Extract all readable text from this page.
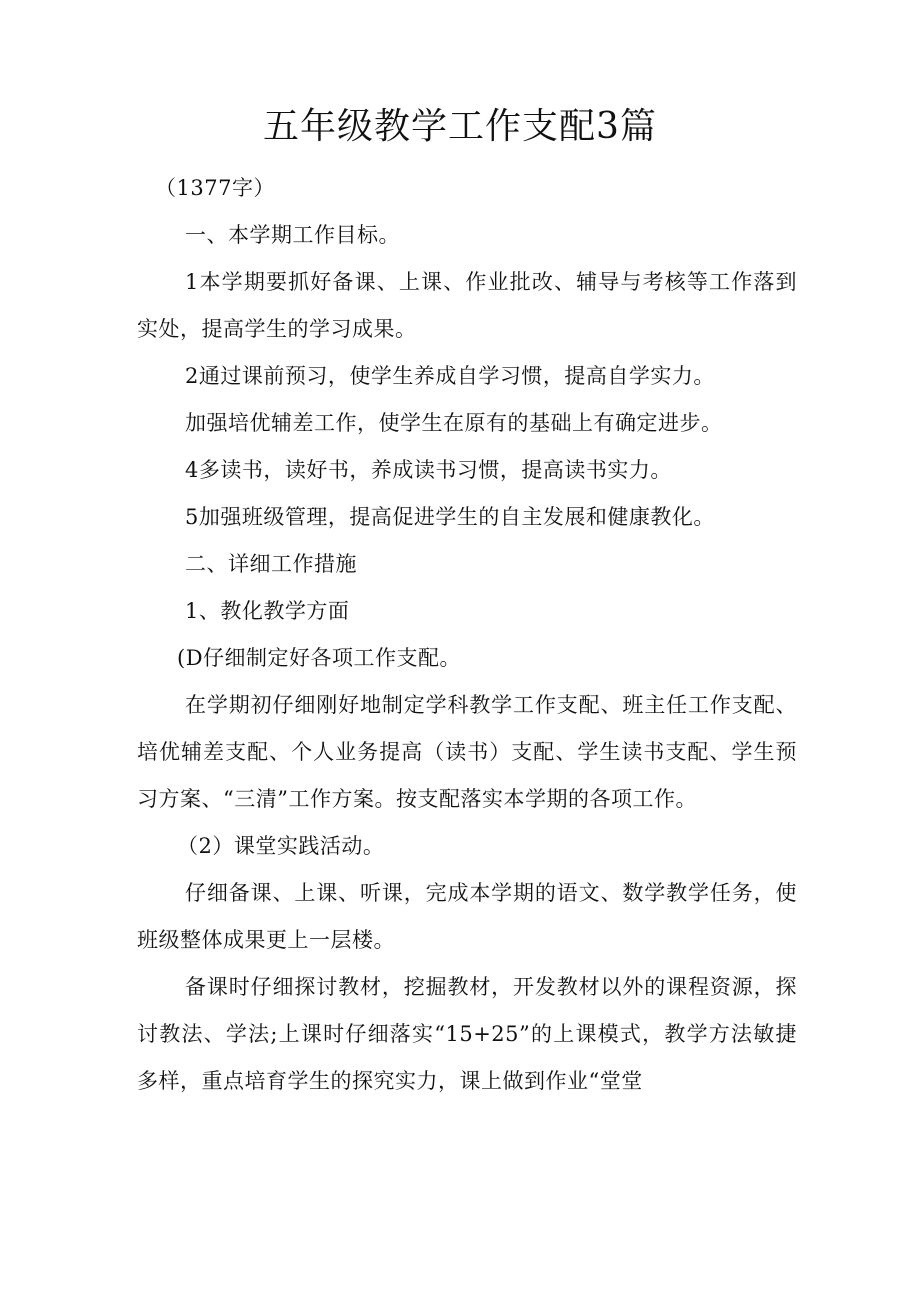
五年级教学工作支配3篇

（1377字）

一、本学期工作目标。

1本学期要抓好备课、上课、作业批改、辅导与考核等工作落到实处，提高学生的学习成果。

2通过课前预习，使学生养成自学习惯，提高自学实力。

加强培优辅差工作，使学生在原有的基础上有确定进步。

4多读书，读好书，养成读书习惯，提高读书实力。

5加强班级管理，提高促进学生的自主发展和健康教化。

二、详细工作措施

1、教化教学方面

(D仔细制定好各项工作支配。

在学期初仔细刚好地制定学科教学工作支配、班主任工作支配、培优辅差支配、个人业务提高（读书）支配、学生读书支配、学生预习方案、“三清”工作方案。按支配落实本学期的各项工作。

（2）课堂实践活动。

仔细备课、上课、听课，完成本学期的语文、数学教学任务，使班级整体成果更上一层楼。

备课时仔细探讨教材，挖掘教材，开发教材以外的课程资源，探讨教法、学法;上课时仔细落实“15+25”的上课模式，教学方法敏捷多样，重点培育学生的探究实力，课上做到作业“堂堂
